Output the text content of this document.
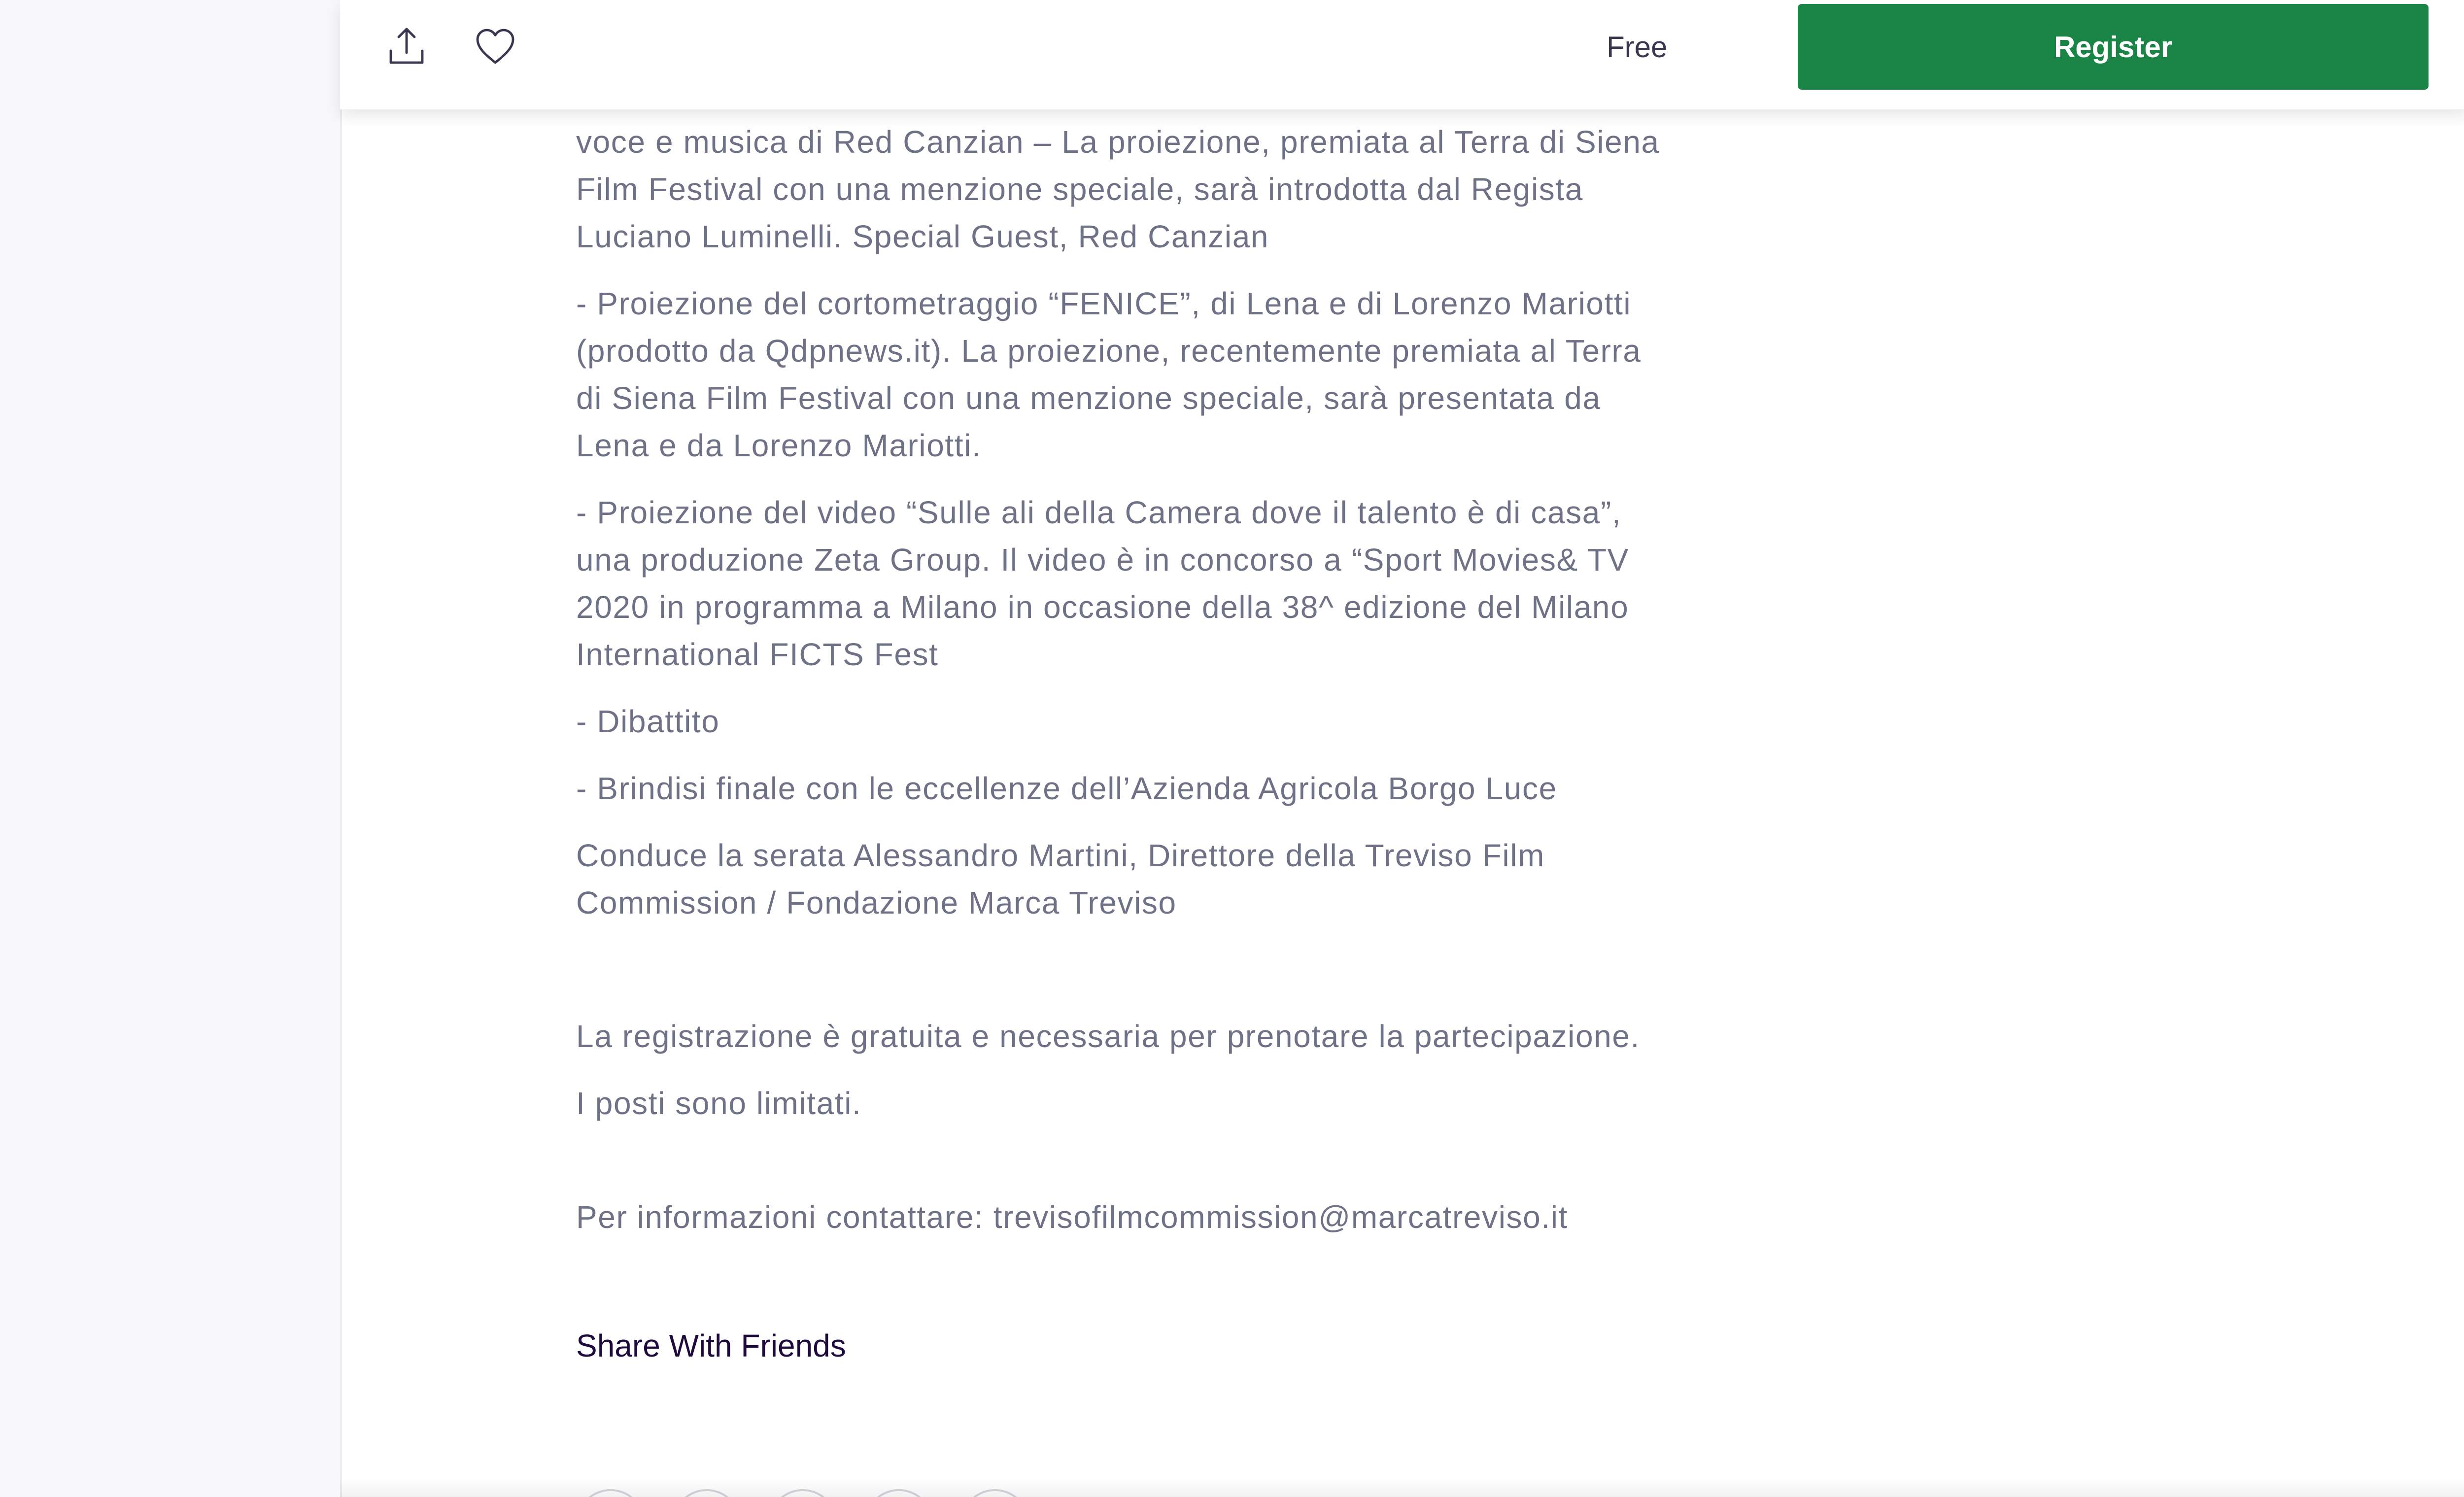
Free	Register

voce e musica di Red Canzian – La proiezione, premiata al Terra di Siena Film Festival con una menzione speciale, sarà introdotta dal Regista Luciano Luminelli. Special Guest, Red Canzian

- Proiezione del cortometraggio “FENICE”, di Lena e di Lorenzo Mariotti (prodotto da Qdpnews.it). La proiezione, recentemente premiata al Terra di Siena Film Festival con una menzione speciale, sarà presentata da Lena e da Lorenzo Mariotti.

- Proiezione del video “Sulle ali della Camera dove il talento è di casa”, una produzione Zeta Group. Il video è in concorso a “Sport Movies& TV 2020 in programma a Milano in occasione della 38^ edizione del Milano International FICTS Fest

- Dibattito

- Brindisi finale con le eccellenze dell’Azienda Agricola Borgo Luce

Conduce la serata Alessandro Martini, Direttore della Treviso Film Commission / Fondazione Marca Treviso

La registrazione è gratuita e necessaria per prenotare la partecipazione.

I posti sono limitati.

Per informazioni contattare: trevisofilmcommission@marcatreviso.it

Share With Friends
